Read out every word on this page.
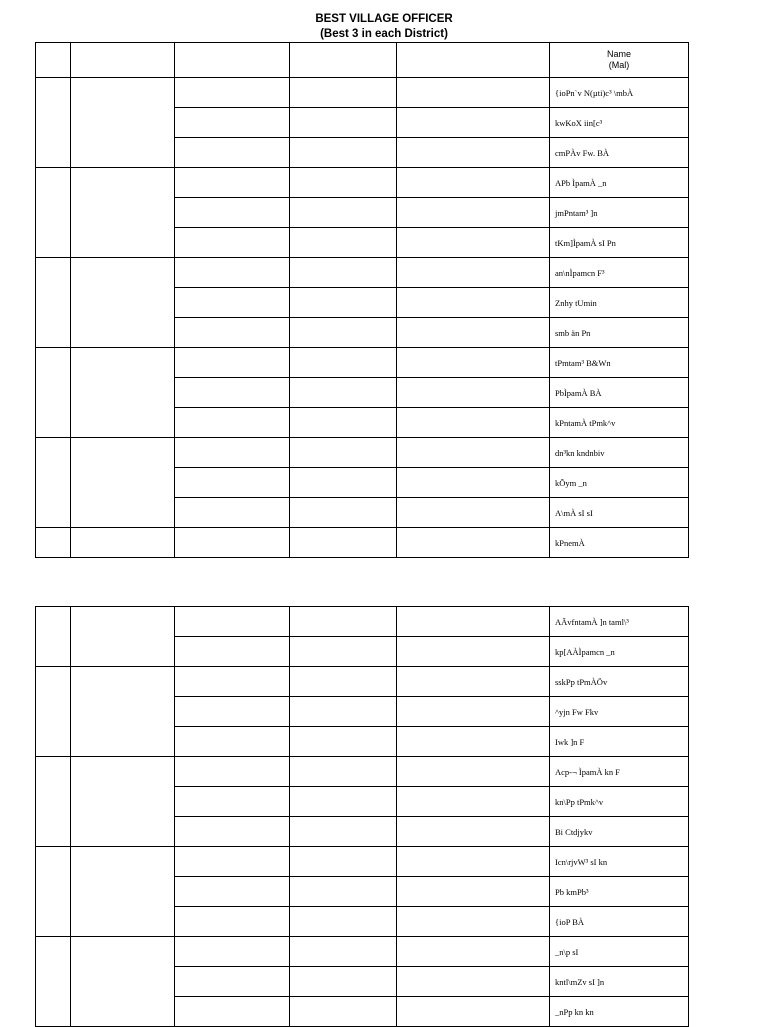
BEST VILLAGE OFFICER
(Best 3 in each District)
					Name
(Mal)
					{ioPn`v N(µti)c³ \mbÀ
					kwKoX iin[c³
					cmPÀv Fw. BÀ
					APb ÌpamÀ _n
					jmPntam³ ]n
					tKm]ÌpamÀ sI Pn
					an\nÌpamcn F³
					Znhy tUmin
					smb än Pn
					tPmtam³ B&Wn
					PbÌpamÀ BÀ
					kPntamÀ tPmk^v
					dn³kn kndnbiv
					kÕym _n
					A\mÀ sI sI
					kPnemÀ
					AÃvfntamÀ ]n taml\³
					kp[AÀÌpamcn _n
					sskPp tPmÀÖv
					^yjn Fw Fkv
					Iwk ]n F
					Acp-¬ ÌpamÀ kn F
					kn\Pp tPmk^v
					Bi Ctdjykv
					Icn\rjvW³ sI kn
					Pb kmPb³
					{ioP BÀ
					_n\p sI
					kntl\mZv sI ]n
					_nPp kn kn
